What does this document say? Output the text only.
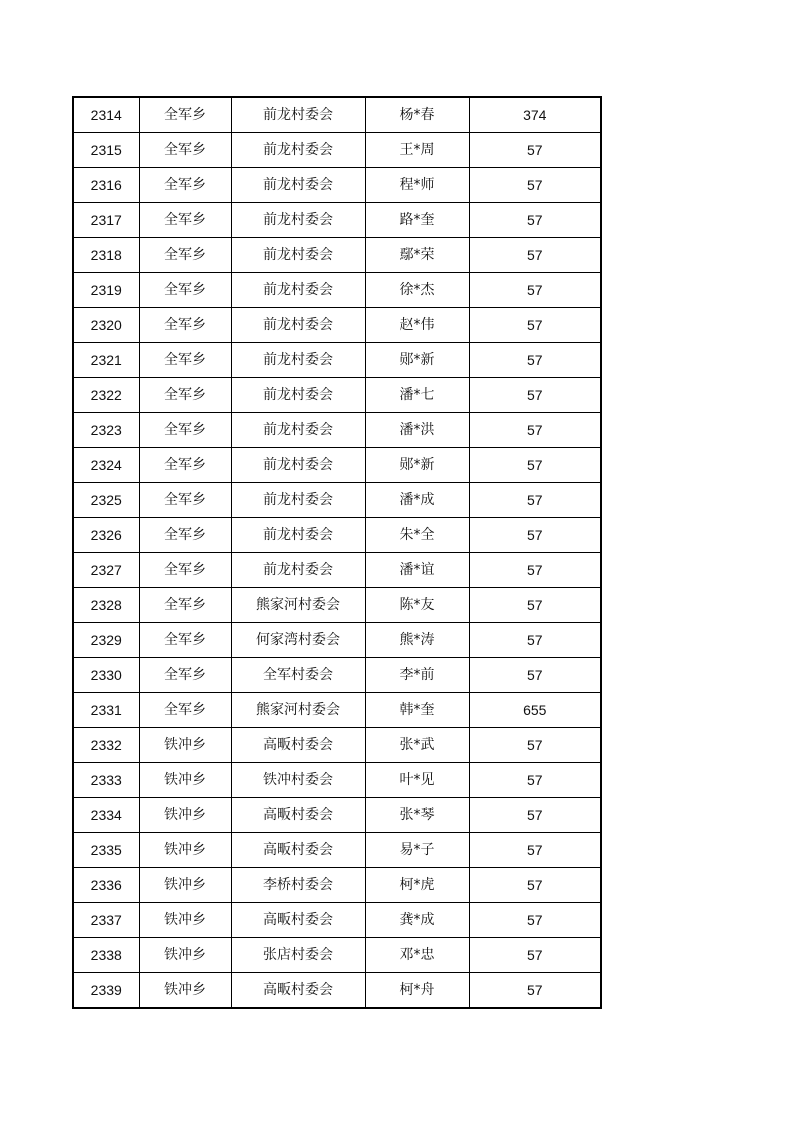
2314	全军乡	前龙村委会	杨*春	374
2315	全军乡	前龙村委会	王*周	57
2316	全军乡	前龙村委会	程*师	57
2317	全军乡	前龙村委会	路*奎	57
2318	全军乡	前龙村委会	鄢*荣	57
2319	全军乡	前龙村委会	徐*杰	57
2320	全军乡	前龙村委会	赵*伟	57
2321	全军乡	前龙村委会	郧*新	57
2322	全军乡	前龙村委会	潘*七	57
2323	全军乡	前龙村委会	潘*洪	57
2324	全军乡	前龙村委会	郧*新	57
2325	全军乡	前龙村委会	潘*成	57
2326	全军乡	前龙村委会	朱*全	57
2327	全军乡	前龙村委会	潘*谊	57
2328	全军乡	熊家河村委会	陈*友	57
2329	全军乡	何家湾村委会	熊*涛	57
2330	全军乡	全军村委会	李*前	57
2331	全军乡	熊家河村委会	韩*奎	655
2332	铁冲乡	高畈村委会	张*武	57
2333	铁冲乡	铁冲村委会	叶*见	57
2334	铁冲乡	高畈村委会	张*琴	57
2335	铁冲乡	高畈村委会	易*子	57
2336	铁冲乡	李桥村委会	柯*虎	57
2337	铁冲乡	高畈村委会	龚*成	57
2338	铁冲乡	张店村委会	邓*忠	57
2339	铁冲乡	高畈村委会	柯*舟	57
